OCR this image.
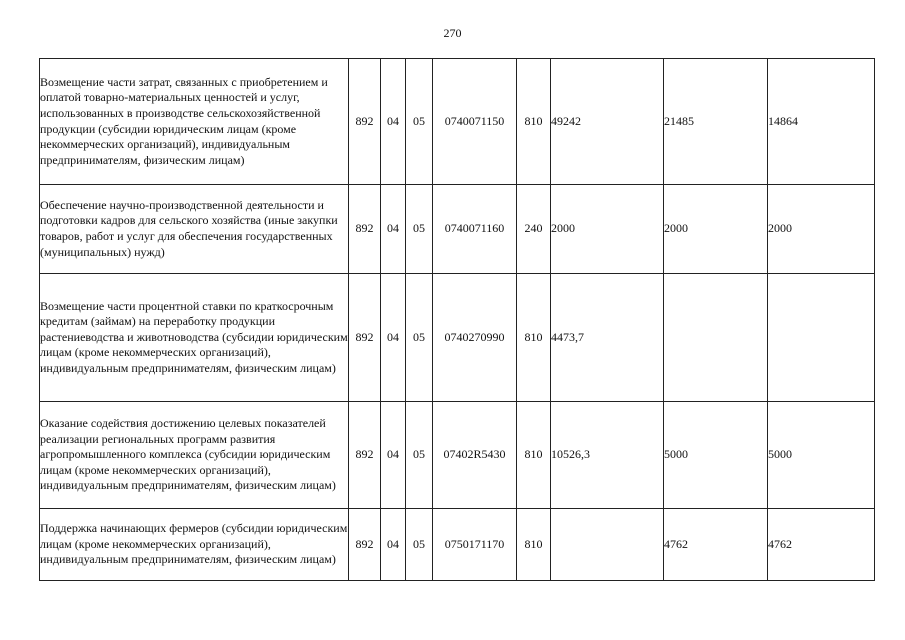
270
Возмещение части затрат, связанных с приобретением и оплатой товарно-материальных ценностей и услуг, использованных в производстве сельскохозяйственной продукции (субсидии юридическим лицам (кроме некоммерческих организаций), индивидуальным предпринимателям, физическим лицам)	892	04	05	0740071150	810	49242	21485	14864
Обеспечение научно-производственной деятельности и подготовки кадров для сельского хозяйства (иные закупки товаров, работ и услуг для обеспечения государственных (муниципальных) нужд)	892	04	05	0740071160	240	2000	2000	2000
Возмещение части процентной ставки по краткосрочным кредитам (займам) на переработку продукции растениеводства и животноводства (субсидии юридическим лицам (кроме некоммерческих организаций), индивидуальным предпринимателям, физическим лицам)	892	04	05	0740270990	810	4473,7		
Оказание содействия достижению целевых показателей реализации региональных программ развития агропромышленного комплекса (субсидии юридическим лицам (кроме некоммерческих организаций), индивидуальным предпринимателям, физическим лицам)	892	04	05	07402R5430	810	10526,3	5000	5000
Поддержка начинающих фермеров (субсидии юридическим лицам (кроме некоммерческих организаций), индивидуальным предпринимателям, физическим лицам)	892	04	05	0750171170	810		4762	4762
